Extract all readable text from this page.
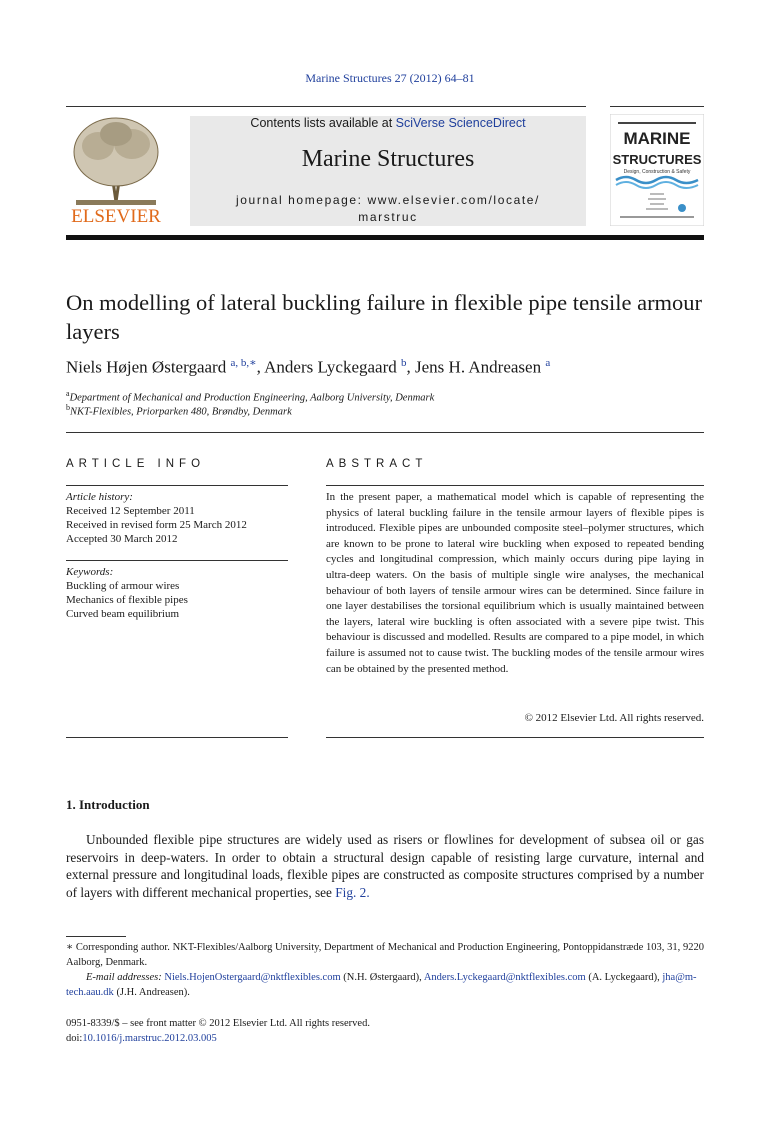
Marine Structures 27 (2012) 64–81
ELSEVIER
Contents lists available at SciVerse ScienceDirect
Marine Structures
journal homepage: www.elsevier.com/locate/
marstruc
MARINE
STRUCTURES
Design, Construction & Safety
On modelling of lateral buckling failure in flexible pipe tensile armour layers
Niels Højen Østergaard $^{a, b,∗}$, Anders Lyckegaard $^b$, Jens H. Andreasen $^a$
$^a$Department of Mechanical and Production Engineering, Aalborg University, Denmark
$^b$NKT-Flexibles, Priorparken 480, Brøndby, Denmark
ARTICLE INFO
Article history:
Received 12 September 2011
Received in revised form 25 March 2012
Accepted 30 March 2012
Keywords:
Buckling of armour wires
Mechanics of flexible pipes
Curved beam equilibrium
ABSTRACT
In the present paper, a mathematical model which is capable of representing the physics of lateral buckling failure in the tensile armour layers of flexible pipes is introduced. Flexible pipes are unbounded composite steel–polymer structures, which are known to be prone to lateral wire buckling when exposed to repeated bending cycles and longitudinal compression, which mainly occurs during pipe laying in ultra-deep waters. On the basis of multiple single wire analyses, the mechanical behaviour of both layers of tensile armour wires can be determined. Since failure in one layer destabilises the torsional equilibrium which is usually maintained between the layers, lateral wire buckling is often associated with a severe pipe twist. This behaviour is discussed and modelled. Results are compared to a pipe model, in which failure is assumed not to cause twist. The buckling modes of the tensile armour wires can be obtained by the presented method.
© 2012 Elsevier Ltd. All rights reserved.
1. Introduction
Unbounded flexible pipe structures are widely used as risers or flowlines for development of subsea oil or gas reservoirs in deep-waters. In order to obtain a structural design capable of resisting large curvature, internal and external pressure and longitudinal loads, flexible pipes are constructed as composite structures comprised by a number of layers with different mechanical properties, see Fig. 2.
∗ Corresponding author. NKT-Flexibles/Aalborg University, Department of Mechanical and Production Engineering, Pontoppidanstræde 103, 31, 9220 Aalborg, Denmark.
E-mail addresses: Niels.HojenOstergaard@nktflexibles.com (N.H. Østergaard), Anders.Lyckegaard@nktflexibles.com (A. Lyckegaard), jha@m-tech.aau.dk (J.H. Andreasen).
0951-8339/$ – see front matter © 2012 Elsevier Ltd. All rights reserved.
doi:10.1016/j.marstruc.2012.03.005
